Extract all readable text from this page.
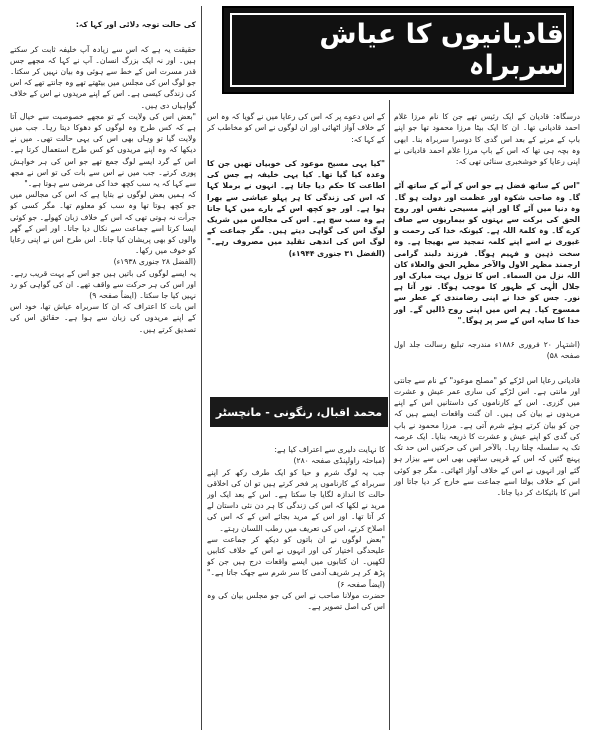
قادیانیوں کا عیاش سربراہ

درسگاہ: قادیان کے ایک رئیس تھے جن کا نام مرزا غلام احمد قادیانی تھا۔ ان کا ایک بیٹا مرزا محمود تھا جو اپنے باپ کے مرنے کے بعد اس گدی کا دوسرا سربراہ بنا۔ ابھی وہ بچہ ہی تھا کہ اس کے باپ مرزا غلام احمد قادیانی نے اپنی رعایا کو خوشخبری سنائی تھی کہ:

"اس کے ساتھ فضل ہے جو اس کے آنے کے ساتھ آئے گا۔ وہ صاحب شکوہ اور عظمت اور دولت ہو گا۔ وہ دنیا میں آئے گا اور اپنے مسیحی نفس اور روح الحق کی برکت سے بہتوں کو بیماریوں سے صاف کرے گا۔ وہ کلمۃ اللہ ہے۔ کیونکہ خدا کی رحمت و غیوری نے اسے اپنے کلمہ تمجید سے بھیجا ہے۔ وہ سخت ذہین و فہیم ہوگا۔ فرزند دلبند گرامی ارجمند مظہر الاول والآخر مظہر الحق والعلاء کان اللہ نزل من السماء۔ اس کا نزول بہت مبارک اور جلال الٰہی کے ظہور کا موجب ہوگا۔ نور آتا ہے نور۔ جس کو خدا نے اپنی رضامندی کے عطر سے ممسوح کیا۔ ہم اس میں اپنی روح ڈالیں گے۔ اور خدا کا سایہ اس کے سر پر ہوگا۔"

(اشتہار ۲۰ فروری ۱۸۸۶ء مندرجہ تبلیغ رسالت جلد اول صفحہ ۵۸)

قادیانی رعایا اس لڑکے کو "مصلح موعود" کے نام سے جانتی اور مانتی ہے۔ اس لڑکے کی ساری عمر عیش و عشرت میں گزری۔ اس کے کارناموں کی داستانیں اس کے اپنے مریدوں نے بیان کی ہیں۔ ان گنت واقعات ایسے ہیں کہ جن کو بیان کرتے ہوئے شرم آتی ہے۔ مرزا محمود نے باپ کی گدی کو اپنے عیش و عشرت کا ذریعہ بنایا۔ ایک عرصہ تک یہ سلسلہ چلتا رہا۔ بالآخر اس کی حرکتیں اس حد تک پہنچ گئیں کہ اس کے قریبی ساتھی بھی اس سے بیزار ہو گئے اور انہوں نے اس کے خلاف آواز اٹھائی۔ مگر جو کوئی اس کے خلاف بولتا اسے جماعت سے خارج کر دیا جاتا اور اس کا بائیکاٹ کر دیا جاتا۔

کے اس دعوے پر کہ اس کی رعایا میں نے گویا کہ وہ اس کے خلاف آواز اٹھائی اور ان لوگوں نے اس کو مخاطب کر کے کہا کہ:

"کیا یہی مسیح موعود کی خوبیاں تھیں جن کا وعدہ کیا گیا تھا۔ کیا یہی خلیفہ ہے جس کی اطاعت کا حکم دیا جاتا ہے۔ انہوں نے برملا کہا کہ اس کی زندگی کا ہر پہلو عیاشی سے بھرا ہوا ہے۔ اور جو کچھ اس کے بارے میں کہا جاتا ہے وہ سب سچ ہے۔ اس کی مجالس میں شریک لوگ اس کی گواہی دیتے ہیں۔ مگر جماعت کے لوگ اس کی اندھی تقلید میں مصروف رہے۔" (الفضل ۳۱ جنوری ۱۹۴۴ء)

محمد اقبال، رنگونی - مانچسٹر

کا نہایت دلیری سے اعتراف کیا ہے:
(مباحثہ راولپنڈی صفحہ ۲۸۰)
جب یہ لوگ شرم و حیا کو ایک طرف رکھ کر اپنے سربراہ کے کارناموں پر فخر کرتے ہیں تو ان کی اخلاقی حالت کا اندازہ لگایا جا سکتا ہے۔ اس کے بعد ایک اور مرید نے لکھا کہ اس کی زندگی کا ہر دن نئی داستان لے کر آتا تھا۔ اور اس کے مرید بجائے اس کے کہ اس کی اصلاح کرتے، اس کی تعریف میں رطب اللسان رہتے۔
"بعض لوگوں نے ان باتوں کو دیکھ کر جماعت سے علیحدگی اختیار کی اور انہوں نے اس کے خلاف کتابیں لکھیں۔ ان کتابوں میں ایسے واقعات درج ہیں جن کو پڑھ کر ہر شریف آدمی کا سر شرم سے جھک جاتا ہے۔" (ایضاً صفحہ ۶)
حضرت مولانا صاحب نے اس کی جو مجلس بیان کی وہ اس کی اصل تصویر ہے۔

کی حالت توجہ دلائی اور کہا کہ:

حقیقت یہ ہے کہ اس سے زیادہ آپ خلیفہ ثابت کر سکتے ہیں۔ اور نہ ایک بزرگ انسان۔ آپ نے کہا کہ مجھے جس قدر مسرت اس کے خط سے ہوئی وہ بیان نہیں کر سکتا۔ جو لوگ اس کی مجلس میں بیٹھتے تھے وہ جانتے تھے کہ اس کی زندگی کیسی ہے۔ اس کے اپنے مریدوں نے اس کے خلاف گواہیاں دی ہیں۔
"بعض اس کی ولایت کے تو مجھے خصوصیت سے خیال آتا ہے کہ کس طرح وہ لوگوں کو دھوکا دیتا رہا۔ جب میں ولایت گیا تو وہاں بھی اس کی یہی حالت تھی۔ میں نے دیکھا کہ وہ اپنے مریدوں کو کس طرح استعمال کرتا ہے۔ اس کے گرد ایسے لوگ جمع تھے جو اس کی ہر خواہش پوری کرتے۔ جب میں نے اس سے بات کی تو اس نے مجھ سے کہا کہ یہ سب کچھ خدا کی مرضی سے ہوتا ہے۔"
کہ ہمیں بعض لوگوں نے بتایا ہے کہ اس کی مجالس میں جو کچھ ہوتا تھا وہ سب کو معلوم تھا۔ مگر کسی کو جرأت نہ ہوتی تھی کہ اس کے خلاف زبان کھولے۔ جو کوئی ایسا کرتا اسے جماعت سے نکال دیا جاتا۔ اور اس کے گھر والوں کو بھی پریشان کیا جاتا۔ اس طرح اس نے اپنی رعایا کو خوف میں رکھا۔
(الفضل ۲۸ جنوری ۱۹۳۸ء)
یہ ایسے لوگوں کی باتیں ہیں جو اس کے بہت قریب رہے۔ اور اس کی ہر حرکت سے واقف تھے۔ ان کی گواہی کو رد نہیں کیا جا سکتا۔ (ایضاً صفحہ ۹)
اس بات کا اعتراف کہ ان کا سربراہ عیاش تھا، خود اس کے اپنے مریدوں کی زبان سے ہوا ہے۔ حقائق اس کی تصدیق کرتے ہیں۔
